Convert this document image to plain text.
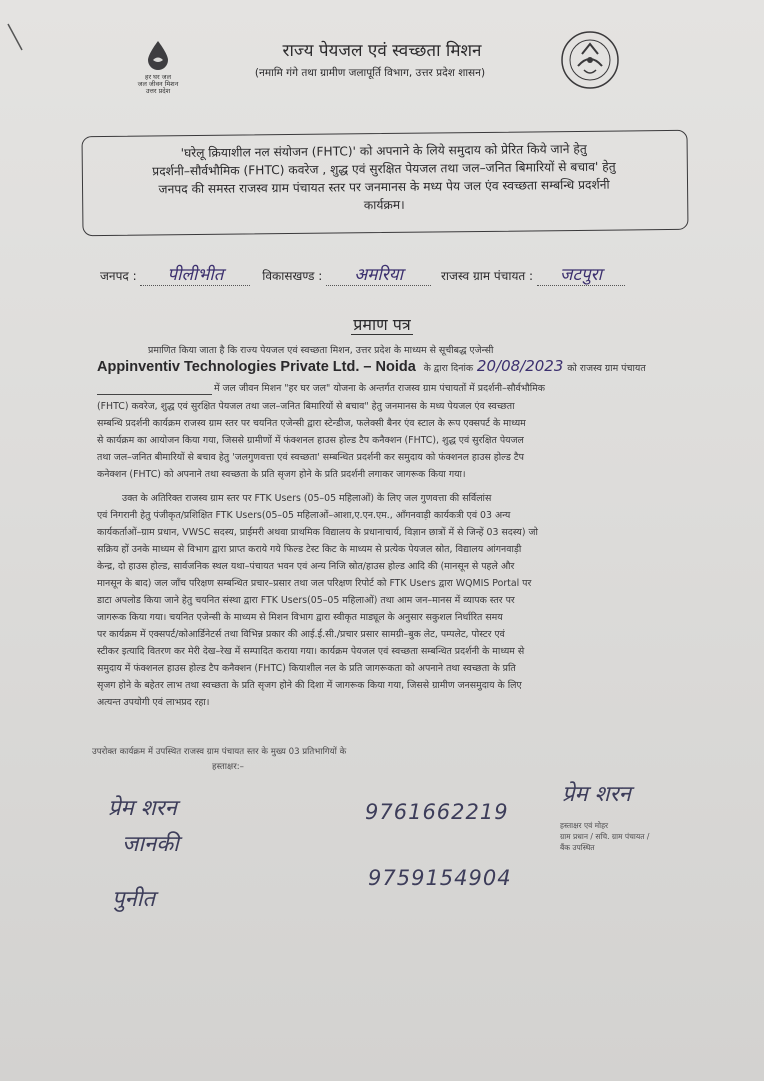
हर घर जल
जल जीवन मिशन
उत्तर प्रदेश
राज्य पेयजल एवं स्वच्छता मिशन
(नमामि गंगे तथा ग्रामीण जलापूर्ति विभाग, उत्तर प्रदेश शासन)
'घरेलू क्रियाशील नल संयोजन (FHTC)' को अपनाने के लिये समुदाय को प्रेरित किये जाने हेतु
प्रदर्शनी–सौर्वभौमिक (FHTC) कवरेज , शुद्ध एवं सुरक्षित पेयजल तथा जल–जनित बिमारियों से बचाव' हेतु
जनपद की समस्त राजस्व ग्राम पंचायत स्तर पर जनमानस के मध्य पेय जल एंव स्वच्छता सम्बन्धि प्रदर्शनी
कार्यक्रम।
जनपद : पीलीभीत	विकासखण्ड : अमरिया	राजस्व ग्राम पंचायत : जटपुरा
प्रमाण पत्र
प्रमाणित किया जाता है कि राज्य पेयजल एवं स्वच्छता मिशन, उत्तर प्रदेश के माध्यम से सूचीबद्ध एजेन्सी
Appinventiv Technologies Private Ltd. – Noida के द्वारा दिनांक 20/08/2023 को राजस्व ग्राम पंचायत
में जल जीवन मिशन "हर घर जल" योजना के अन्तर्गत राजस्व ग्राम पंचायतों में प्रदर्शनी–सौर्वभौमिक
(FHTC) कवरेज, शुद्ध एवं सुरक्षित पेयजल तथा जल–जनित बिमारियों से बचाव" हेतु जनमानस के मध्य पेयजल एंव स्वच्छता
सम्बन्धि प्रदर्शनी कार्यक्रम राजस्व ग्राम स्तर पर चयनित एजेन्सी द्वारा स्टेन्डीज, फलेक्सी बैनर एंव स्टाल के रूप एक्सपर्ट के माध्यम
से कार्यक्रम का आयोजन किया गया, जिससे ग्रामीणों में फंक्शनल हाउस होल्ड टैप कनैक्शन (FHTC), शुद्ध एवं सुरक्षित पेयजल
तथा जल–जनित बीमारियों से बचाव हेतु 'जलगुणवत्ता एवं स्वच्छता' सम्बन्धित प्रदर्शनी कर समुदाय को फंक्शनल हाउस होल्ड टैप
कनेक्शन (FHTC) को अपनाने तथा स्वच्छता के प्रति सृजग होने के प्रति प्रदर्शनी लगाकर जागरूक किया गया।
उक्त के अतिरिक्त राजस्व ग्राम स्तर पर FTK Users (05–05 महिलाओं) के लिए जल गुणवत्ता की सर्विलांस
एवं निगरानी हेतु पंजीकृत/प्रशिक्षित FTK Users(05–05 महिलाओं–आशा,ए.एन.एम., आँगनवाड़ी कार्यकत्री एवं 03 अन्य
कार्यकर्ताओं–ग्राम प्रधान, VWSC सदस्य, प्राईमरी अथवा प्राथमिक विद्यालय के प्रधानाचार्य, विज्ञान छात्रों में से जिन्हें 03 सदस्य) जो
सक्रिय हों उनके माध्यम से विभाग द्वारा प्राप्त कराये गये फिल्ड टेस्ट किट के माध्यम से प्रत्येक पेयजल स्रोत, विद्यालय आंगनवाड़ी
केन्द्र, दो हाउस होल्ड, सार्वजनिक स्थल यथा–पंचायत भवन एवं अन्य निजि स्रोत/हाउस होल्ड आदि की (मानसून से पहले और
मानसून के बाद) जल जाँच परिक्षण सम्बन्धित प्रचार–प्रसार तथा जल परिक्षण रिपोर्ट को FTK Users द्वारा WQMIS Portal पर
डाटा अपलोड किया जाने हेतु चयनित संस्था द्वारा FTK Users(05–05 महिलाओं) तथा आम जन–मानस में व्यापक स्तर पर
जागरूक किया गया। चयनित एजेन्सी के माध्यम से मिशन विभाग द्वारा स्वीकृत माड्यूल के अनुसार सकुशल निर्धारित समय
पर कार्यक्रम में एक्सपर्ट/कोआर्डिनेटर्स तथा विभिन्न प्रकार की आई.ई.सी./प्रचार प्रसार सामग्री–बुक लेट, पम्पलेट, पोस्टर एवं
स्टीकर इत्यादि वितरण कर मेरी देख–रेख में सम्पादित कराया गया। कार्यक्रम पेयजल एवं स्वच्छता सम्बन्धित प्रदर्शनी के माध्यम से
समुदाय में फंक्शनल हाउस होल्ड टैप कनैक्शन (FHTC) कियाशील नल के प्रति जागरूकता को अपनाने तथा स्वच्छता के प्रति
सृजग होने के बहेतर लाभ तथा स्वच्छता के प्रति सृजग होने की दिशा में जागरूक किया गया, जिससे ग्रामीण जनसमुदाय के लिए
अत्यन्त उपयोगी एवं लाभप्रद रहा।
उपरोक्त कार्यक्रम में उपस्थित राजस्व ग्राम पंचायत स्तर के मुख्य 03 प्रतिभागियों के
हस्ताक्षर:–
प्रेम शरन	9761662219
प्रेम शरन
हस्ताक्षर एवं मोहर
ग्राम प्रधान / सचि. ग्राम पंचायत /
बैंक उपस्थित
जानकी
9759154904
पुनीत
